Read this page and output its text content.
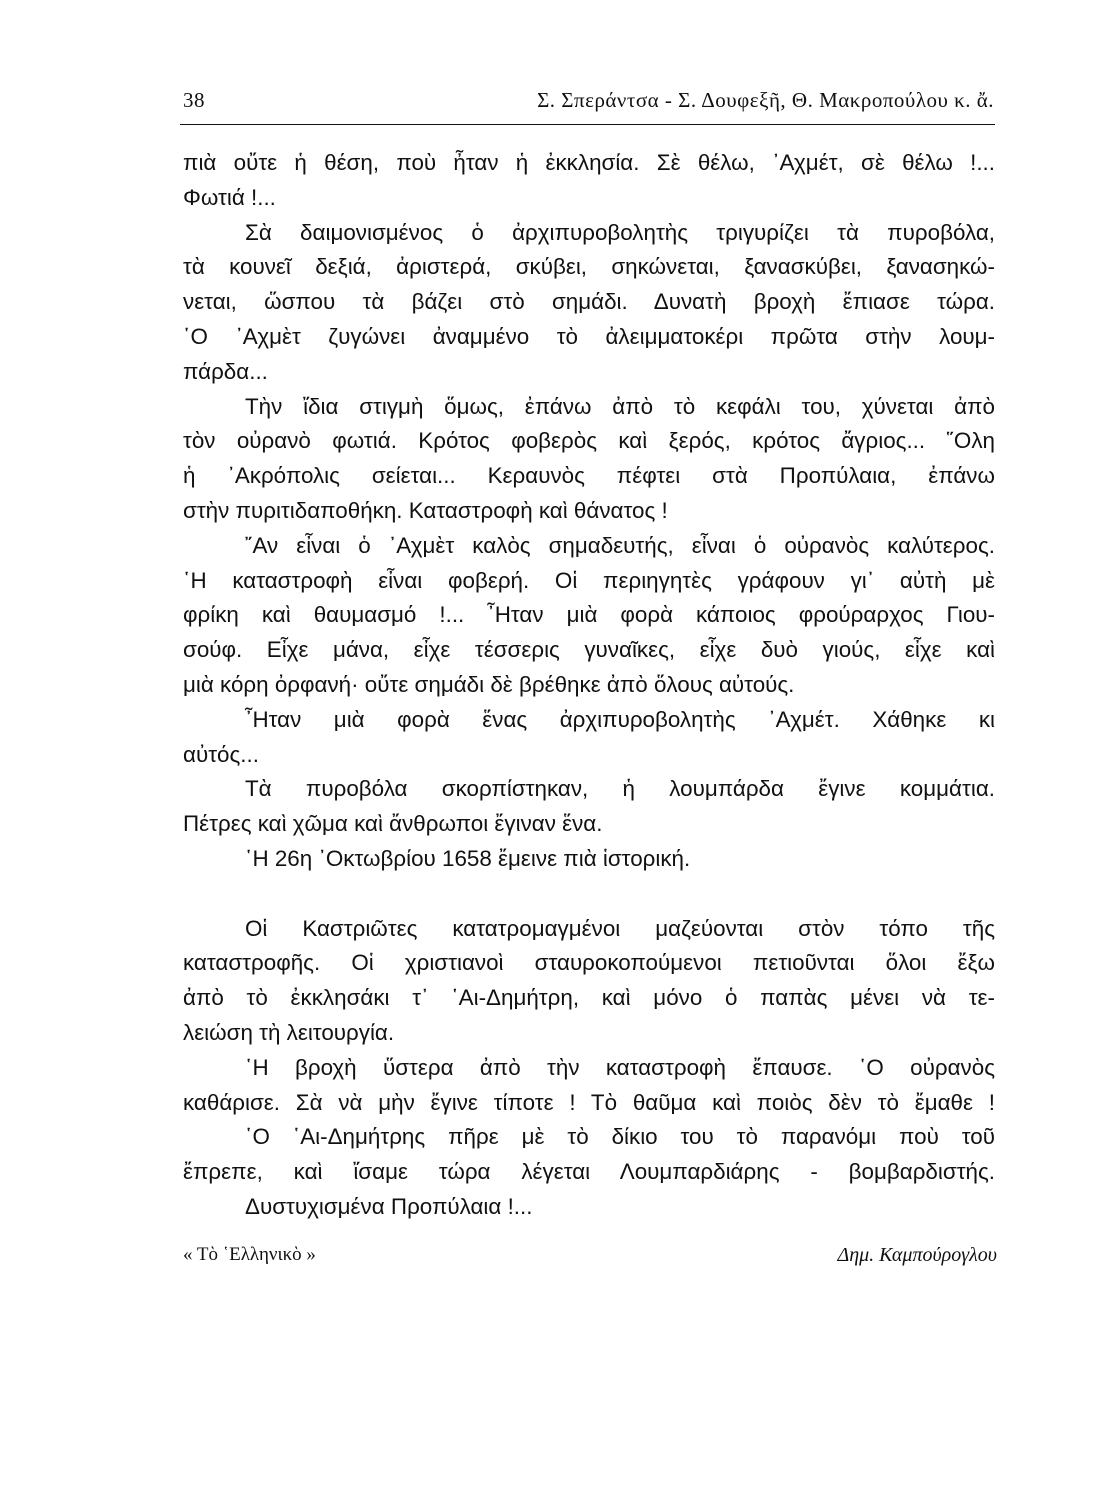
38	Σ. Σπεράντσα - Σ. Δουφεξῆ, Θ. Μακροπούλου κ. ἄ.
πιὰ οὔτε ἡ θέση, ποὺ ἦταν ἡ ἐκκλησία. Σὲ θέλω, ᾿Αχμέτ, σὲ θέλω !...
Φωτιά !...
Σὰ δαιμονισμένος ὁ ἀρχιπυροβολητὴς τριγυρίζει τὰ πυροβόλα,
τὰ κουνεῖ δεξιά, ἀριστερά, σκύβει, σηκώνεται, ξανασκύβει, ξανασηκώ-
νεται, ὥσπου τὰ βάζει στὸ σημάδι. Δυνατὴ βροχὴ ἔπιασε τώρα.
῾Ο ᾿Αχμὲτ ζυγώνει ἀναμμένο τὸ ἀλειμματοκέρι πρῶτα στὴν λουμ-
πάρδα...
Τὴν ἴδια στιγμὴ ὅμως, ἐπάνω ἀπὸ τὸ κεφάλι του, χύνεται ἀπὸ
τὸν οὐρανὸ φωτιά. Κρότος φοβερὸς καὶ ξερός, κρότος ἄγριος... ῞Ολη
ἡ ᾿Ακρόπολις σείεται... Κεραυνὸς πέφτει στὰ Προπύλαια, ἐπάνω
στὴν πυριτιδαποθήκη. Καταστροφὴ καὶ θάνατος !
῎Αν εἶναι ὁ ᾿Αχμὲτ καλὸς σημαδευτής, εἶναι ὁ οὐρανὸς καλύτερος.
῾Η καταστροφὴ εἶναι φοβερή. Οἱ περιηγητὲς γράφουν γι᾿ αὐτὴ μὲ
φρίκη καὶ θαυμασμό !... ῏Ηταν μιὰ φορὰ κάποιος φρούραρχος Γιου-
σούφ. Εἶχε μάνα, εἶχε τέσσερις γυναῖκες, εἶχε δυὸ γιούς, εἶχε καὶ
μιὰ κόρη ὀρφανή· οὔτε σημάδι δὲ βρέθηκε ἀπὸ ὅλους αὐτούς.
῏Ηταν μιὰ φορὰ ἕνας ἀρχιπυροβολητὴς ᾿Αχμέτ. Χάθηκε κι
αὐτός...
Τὰ πυροβόλα σκορπίστηκαν, ἡ λουμπάρδα ἔγινε κομμάτια.
Πέτρες καὶ χῶμα καὶ ἄνθρωποι ἔγιναν ἕνα.
῾Η 26η ᾿Οκτωβρίου 1658 ἔμεινε πιὰ ἱστορική.
Οἱ Καστριῶτες κατατρομαγμένοι μαζεύονται στὸν τόπο τῆς
καταστροφῆς. Οἱ χριστιανοὶ σταυροκοπούμενοι πετιοῦνται ὅλοι ἔξω
ἀπὸ τὸ ἐκκλησάκι τ᾿ ῾Αι-Δημήτρη, καὶ μόνο ὁ παπὰς μένει νὰ τε-
λειώση τὴ λειτουργία.
῾Η βροχὴ ὕστερα ἀπὸ τὴν καταστροφὴ ἔπαυσε. ῾Ο οὐρανὸς
καθάρισε. Σὰ νὰ μὴν ἔγινε τίποτε ! Τὸ θαῦμα καὶ ποιὸς δὲν τὸ ἔμαθε !
῾Ο ῾Αι-Δημήτρης πῆρε μὲ τὸ δίκιο του τὸ παρανόμι ποὺ τοῦ
ἔπρεπε, καὶ ἴσαμε τώρα λέγεται Λουμπαρδιάρης - βομβαρδιστής.
Δυστυχισμένα Προπύλαια !...
« Τὸ ῾Ελληνικὸ »	Δημ. Καμπούρογλου
